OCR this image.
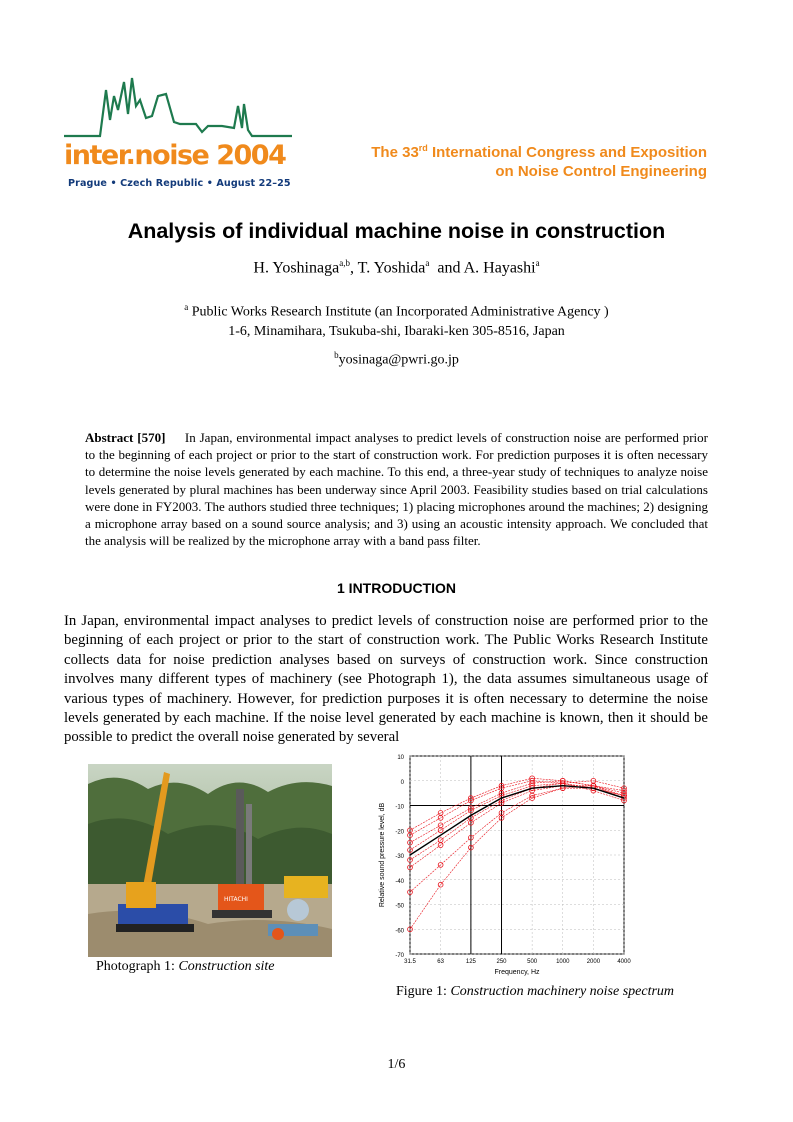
inter.noise 2004
Prague • Czech Republic • August 22–25
The 33rd International Congress and Exposition
on Noise Control Engineering
Analysis of individual machine noise in construction
H. Yoshinaga$^{a,b}$, T. Yoshida$^a$  and A. Hayashi$^a$
$^a$ Public Works Research Institute (an Incorporated Administrative Agency )
1-6, Minamihara, Tsukuba-shi, Ibaraki-ken 305-8516, Japan
$^b$yosinaga@pwri.go.jp
Abstract [570] In Japan, environmental impact analyses to predict levels of construction noise are performed prior to the beginning of each project or prior to the start of construction work. For prediction purposes it is often necessary to determine the noise levels generated by each machine. To this end, a three-year study of techniques to analyze noise levels generated by plural machines has been underway since April 2003. Feasibility studies based on trial calculations were done in FY2003. The authors studied three techniques; 1) placing microphones around the machines; 2) designing a microphone array based on a sound source analysis; and 3) using an acoustic intensity approach. We concluded that the analysis will be realized by the microphone array with a band pass filter.
1 INTRODUCTION
In Japan, environmental impact analyses to predict levels of construction noise are performed prior to the beginning of each project or prior to the start of construction work. The Public Works Research Institute collects data for noise prediction analyses based on surveys of construction work. Since construction involves many different types of machinery (see Photograph 1), the data assumes simultaneous usage of various types of machinery. However, for prediction purposes it is often necessary to determine the noise levels generated by each machine. If the noise level generated by each machine is known, then it should be possible to predict the overall noise generated by several
HITACHI
Photograph 1: Construction site
10
0
-10
-20
-30
-40
-50
-60
-70
31.5	63	125	250	500	1000	2000	4000
Frequency, Hz
Relative sound pressure level, dB
Figure 1: Construction machinery noise spectrum
1/6
